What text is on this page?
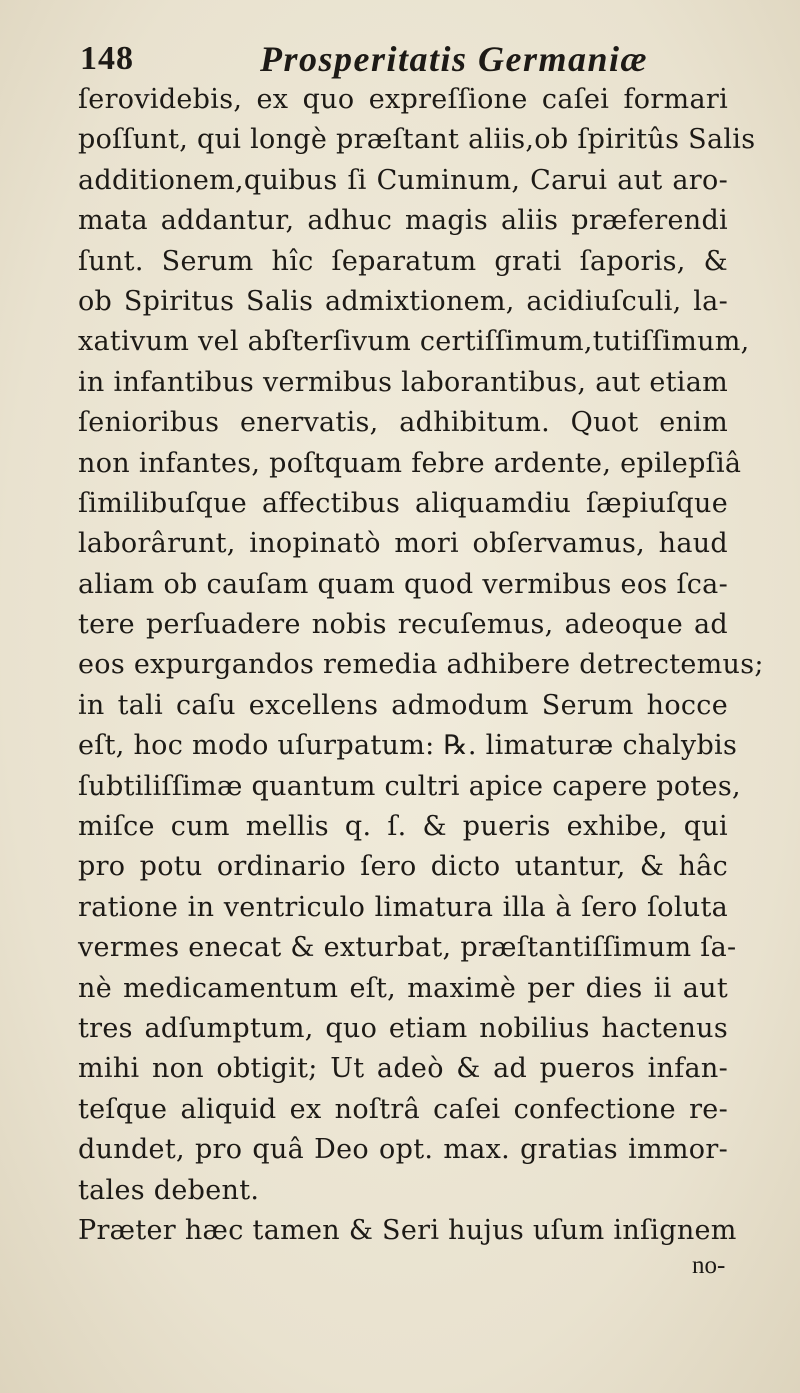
148	Prosperitatis Germaniæ
ſerovidebis, ex quo expreſſione caſei formari
poſſunt, qui longè præſtant aliis,ob ſpiritûs Salis
additionem,quibus ſi Cuminum, Carui aut aro-
mata addantur, adhuc magis aliis præferendi
ſunt. Serum hîc ſeparatum grati ſaporis, &
ob Spiritus Salis admixtionem, acidiuſculi, la-
xativum vel abſterſivum certiſſimum,tutiſſimum,
in infantibus vermibus laborantibus, aut etiam
ſenioribus enervatis, adhibitum. Quot enim
non infantes, poſtquam febre ardente, epilepſiâ
ſimilibuſque affectibus aliquamdiu ſæpiuſque
laborârunt, inopinatò mori obſervamus, haud
aliam ob cauſam quam quod vermibus eos ſca-
tere perſuadere nobis recuſemus, adeoque ad
eos expurgandos remedia adhibere detrectemus;
in tali caſu excellens admodum Serum hocce
eſt, hoc modo uſurpatum: ℞. limaturæ chalybis
ſubtiliſſimæ quantum cultri apice capere potes,
miſce cum mellis q. ſ. & pueris exhibe, qui
pro potu ordinario ſero dicto utantur, & hâc
ratione in ventriculo limatura illa à ſero ſoluta
vermes enecat & exturbat, præſtantiſſimum ſa-
nè medicamentum eſt, maximè per dies ii aut
tres adſumptum, quo etiam nobilius hactenus
mihi non obtigit; Ut adeò & ad pueros infan-
teſque aliquid ex noſtrâ caſei confectione re-
dundet, pro quâ Deo opt. max. gratias immor-
tales debent.
Præter hæc tamen & Seri hujus uſum inſignem
no-
